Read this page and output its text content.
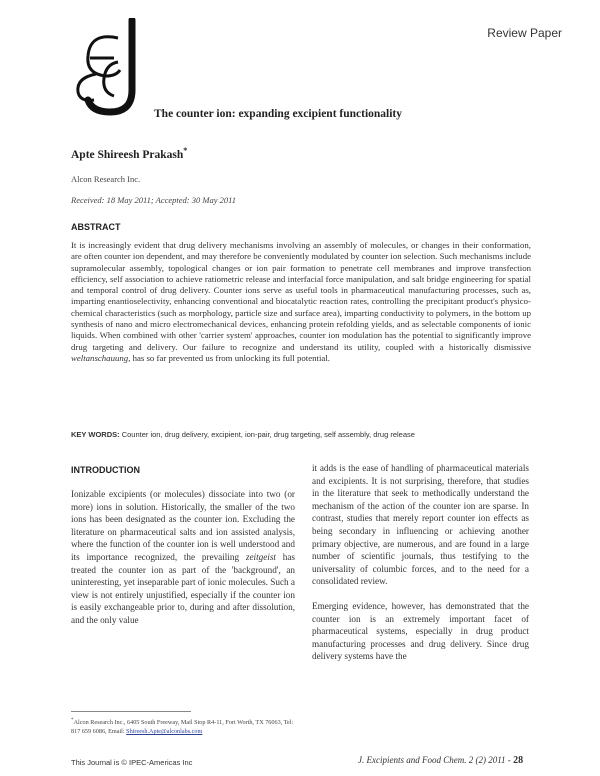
Review Paper
The counter ion: expanding excipient functionality
Apte Shireesh Prakash*
Alcon Research Inc.
Received: 18 May 2011; Accepted: 30 May 2011
ABSTRACT
It is increasingly evident that drug delivery mechanisms involving an assembly of molecules, or changes in their conformation, are often counter ion dependent, and may therefore be conveniently modulated by counter ion selection. Such mechanisms include supramolecular assembly, topological changes or ion pair formation to penetrate cell membranes and improve transfection efficiency, self association to achieve ratiometric release and interfacial force manipulation, and salt bridge engineering for spatial and temporal control of drug delivery. Counter ions serve as useful tools in pharmaceutical manufacturing processes, such as, imparting enantioselectivity, enhancing conventional and biocatalytic reaction rates, controlling the precipitant product's physico-chemical characteristics (such as morphology, particle size and surface area), imparting conductivity to polymers, in the bottom up synthesis of nano and micro electromechanical devices, enhancing protein refolding yields, and as selectable components of ionic liquids. When combined with other 'carrier system' approaches, counter ion modulation has the potential to significantly improve drug targeting and delivery. Our failure to recognize and understand its utility, coupled with a historically dismissive weltanschauung, has so far prevented us from unlocking its full potential.
KEY WORDS: Counter ion, drug delivery, excipient, ion-pair, drug targeting, self assembly, drug release
INTRODUCTION
Ionizable excipients (or molecules) dissociate into two (or more) ions in solution. Historically, the smaller of the two ions has been designated as the counter ion. Excluding the literature on pharmaceutical salts and ion assisted analysis, where the function of the counter ion is well understood and its importance recognized, the prevailing zeitgeist has treated the counter ion as part of the 'background', an uninteresting, yet inseparable part of ionic molecules. Such a view is not entirely unjustified, especially if the counter ion is easily exchangeable prior to, during and after dissolution, and the only value

it adds is the ease of handling of pharmaceutical materials and excipients. It is not surprising, therefore, that studies in the literature that seek to methodically understand the mechanism of the action of the counter ion are sparse. In contrast, studies that merely report counter ion effects as being secondary in influencing or achieving another primary objective, are numerous, and are found in a large number of scientific journals, thus testifying to the universality of columbic forces, and to the need for a consolidated review.

Emerging evidence, however, has demonstrated that the counter ion is an extremely important facet of pharmaceutical systems, especially in drug product manufacturing processes and drug delivery. Since drug delivery systems have the

*Alcon Research Inc., 6405 South Freeway, Mail Stop R4-11, Fort Worth, TX 76063, Tel: 817 659 6086, Email: Shireesh.Apte@alconlabs.com
This Journal is © IPEC-Americas Inc	J. Excipients and Food Chem. 2 (2) 2011 - 28
